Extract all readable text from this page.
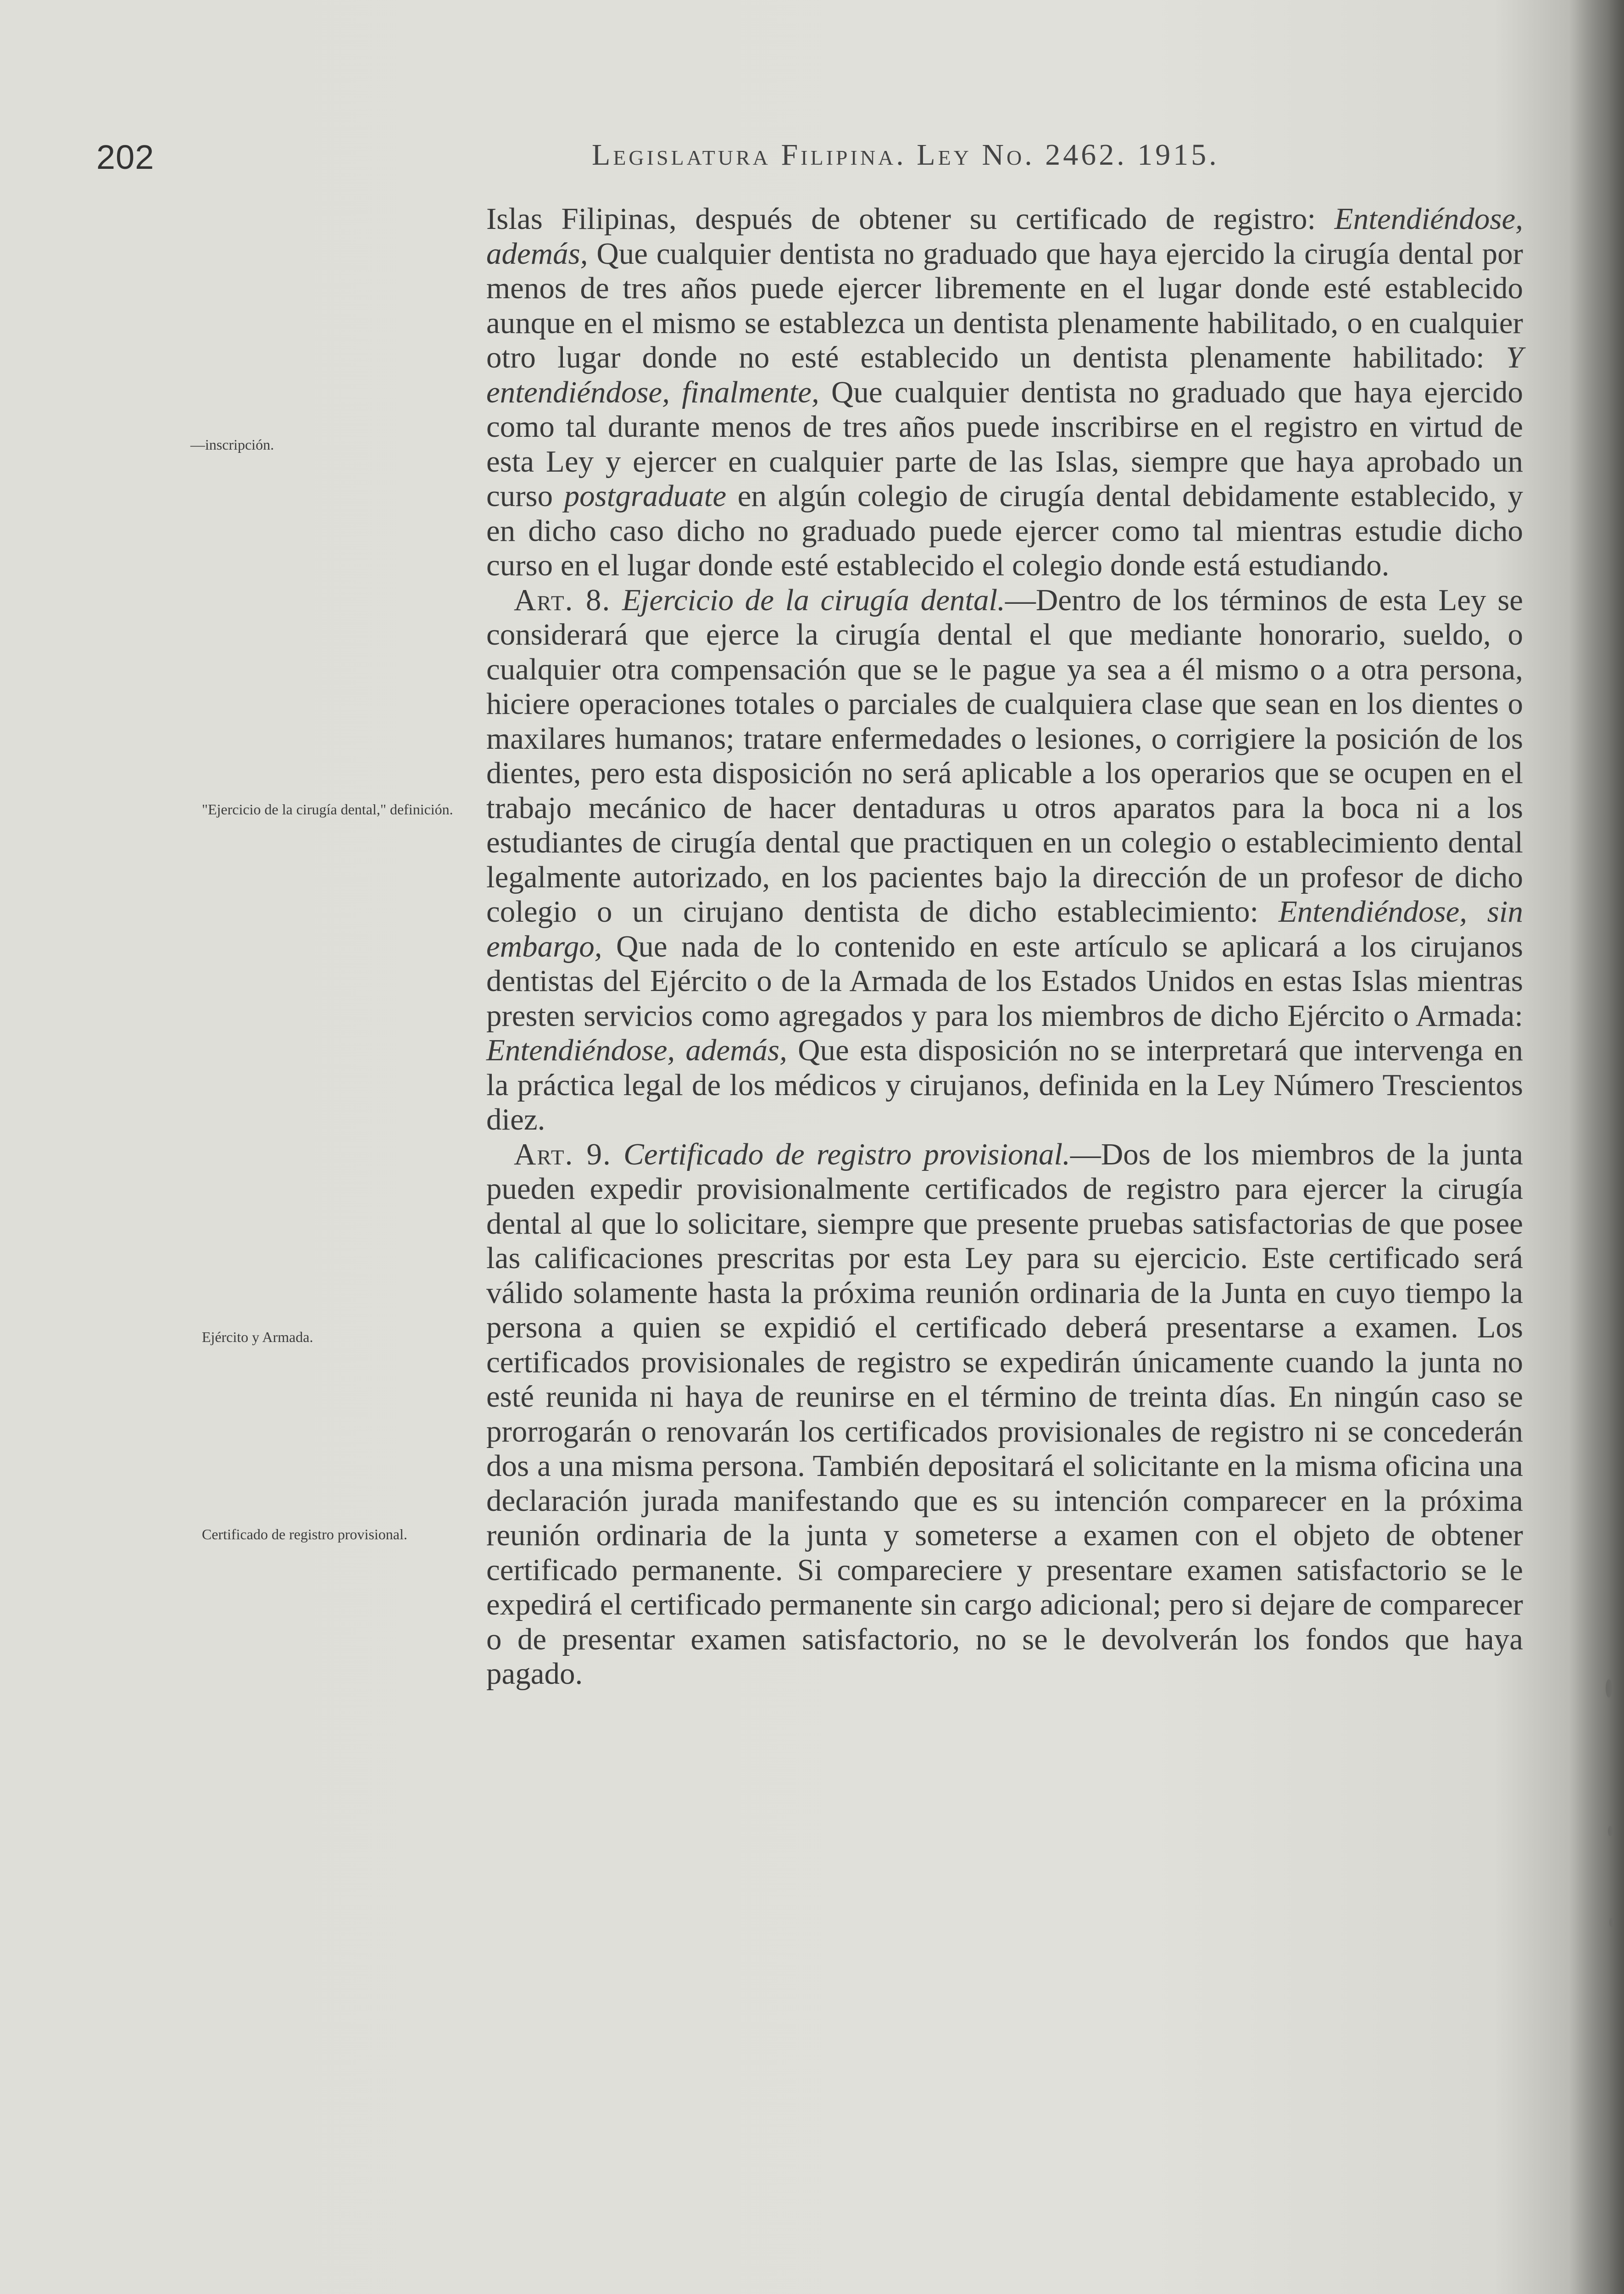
202	Legislatura Filipina. Ley No. 2462. 1915.
—inscripción.
"Ejercicio de la cirugía dental," definición.
Ejército y Armada.
Certificado de registro provisional.

Islas Filipinas, después de obtener su certificado de registro: Entendiéndose, además, Que cualquier dentista no graduado que haya ejercido la cirugía dental por menos de tres años puede ejercer libremente en el lugar donde esté establecido aunque en el mismo se establezca un dentista plenamente habilitado, o en cualquier otro lugar donde no esté establecido un dentista plenamente habilitado: Y entendiéndose, finalmente, Que cualquier dentista no graduado que haya ejercido como tal durante menos de tres años puede inscribirse en el registro en virtud de esta Ley y ejercer en cualquier parte de las Islas, siempre que haya aprobado un curso postgraduate en algún colegio de cirugía dental debidamente establecido, y en dicho caso dicho no graduado puede ejercer como tal mientras estudie dicho curso en el lugar donde esté establecido el colegio donde está estudiando.

Art. 8. Ejercicio de la cirugía dental.—Dentro de los términos de esta Ley se considerará que ejerce la cirugía dental el que mediante honorario, sueldo, o cualquier otra compensación que se le pague ya sea a él mismo o a otra persona, hiciere operaciones totales o parciales de cualquiera clase que sean en los dientes o maxilares humanos; tratare enfermedades o lesiones, o corrigiere la posición de los dientes, pero esta disposición no será aplicable a los operarios que se ocupen en el trabajo mecánico de hacer dentaduras u otros aparatos para la boca ni a los estudiantes de cirugía dental que practiquen en un colegio o establecimiento dental legalmente autorizado, en los pacientes bajo la dirección de un profesor de dicho colegio o un cirujano dentista de dicho establecimiento: Entendiéndose, sin embargo, Que nada de lo contenido en este artículo se aplicará a los cirujanos dentistas del Ejército o de la Armada de los Estados Unidos en estas Islas mientras presten servicios como agregados y para los miembros de dicho Ejército o Armada: Entendiéndose, además, Que esta disposición no se interpretará que intervenga en la práctica legal de los médicos y cirujanos, definida en la Ley Número Trescientos diez.

Art. 9. Certificado de registro provisional.—Dos de los miembros de la junta pueden expedir provisionalmente certificados de registro para ejercer la cirugía dental al que lo solicitare, siempre que presente pruebas satisfactorias de que posee las calificaciones prescritas por esta Ley para su ejercicio. Este certificado será válido solamente hasta la próxima reunión ordinaria de la Junta en cuyo tiempo la persona a quien se expidió el certificado deberá presentarse a examen. Los certificados provisionales de registro se expedirán únicamente cuando la junta no esté reunida ni haya de reunirse en el término de treinta días. En ningún caso se prorrogarán o renovarán los certificados provisionales de registro ni se concederán dos a una misma persona. También depositará el solicitante en la misma oficina una declaración jurada manifestando que es su intención comparecer en la próxima reunión ordinaria de la junta y someterse a examen con el objeto de obtener certificado permanente. Si compareciere y presentare examen satisfactorio se le expedirá el certificado permanente sin cargo adicional; pero si dejare de comparecer o de presentar examen satisfactorio, no se le devolverán los fondos que haya pagado.
